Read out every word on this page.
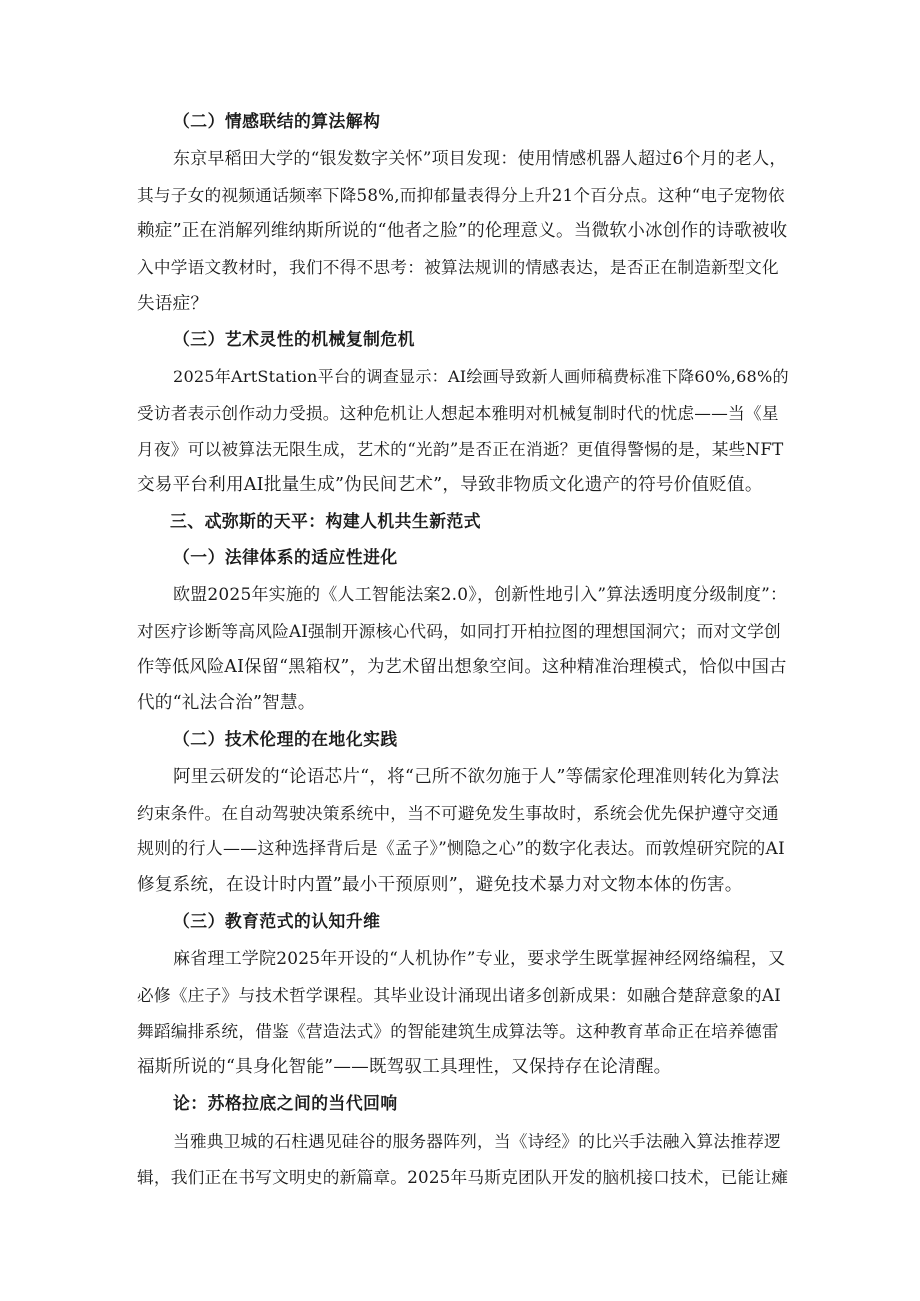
（二）情感联结的算法解构
东京早稻田大学的“银发数字关怀”项目发现：使用情感机器人超过6个月的老人，
其与子女的视频通话频率下降58%,而抑郁量表得分上升21个百分点。这种“电子宠物依
赖症”正在消解列维纳斯所说的“他者之脸”的伦理意义。当微软小冰创作的诗歌被收
入中学语文教材时，我们不得不思考：被算法规训的情感表达，是否正在制造新型文化
失语症？
（三）艺术灵性的机械复制危机
2025年ArtStation平台的调查显示：AI绘画导致新人画师稿费标准下降60%,68%的
受访者表示创作动力受损。这种危机让人想起本雅明对机械复制时代的忧虑——当《星
月夜》可以被算法无限生成，艺术的“光韵”是否正在消逝？更值得警惕的是，某些NFT
交易平台利用AI批量生成”伪民间艺术”，导致非物质文化遗产的符号价值贬值。
三、忒弥斯的天平：构建人机共生新范式
（一）法律体系的适应性进化
欧盟2025年实施的《人工智能法案2.0》，创新性地引入”算法透明度分级制度”：
对医疗诊断等高风险AI强制开源核心代码，如同打开柏拉图的理想国洞穴；而对文学创
作等低风险AI保留“黑箱权”，为艺术留出想象空间。这种精准治理模式，恰似中国古
代的“礼法合治”智慧。
（二）技术伦理的在地化实践
阿里云研发的“论语芯片“，将“己所不欲勿施于人”等儒家伦理准则转化为算法
约束条件。在自动驾驶决策系统中，当不可避免发生事故时，系统会优先保护遵守交通
规则的行人——这种选择背后是《孟子》”恻隐之心”的数字化表达。而敦煌研究院的AI
修复系统，在设计时内置”最小干预原则”，避免技术暴力对文物本体的伤害。
（三）教育范式的认知升维
麻省理工学院2025年开设的“人机协作”专业，要求学生既掌握神经网络编程，又
必修《庄子》与技术哲学课程。其毕业设计涌现出诸多创新成果：如融合楚辞意象的AI
舞蹈编排系统，借鉴《营造法式》的智能建筑生成算法等。这种教育革命正在培养德雷
福斯所说的“具身化智能”——既驾驭工具理性，又保持存在论清醒。
论：苏格拉底之间的当代回响
当雅典卫城的石柱遇见硅谷的服务器阵列，当《诗经》的比兴手法融入算法推荐逻
辑，我们正在书写文明史的新篇章。2025年马斯克团队开发的脑机接口技术，已能让瘫
